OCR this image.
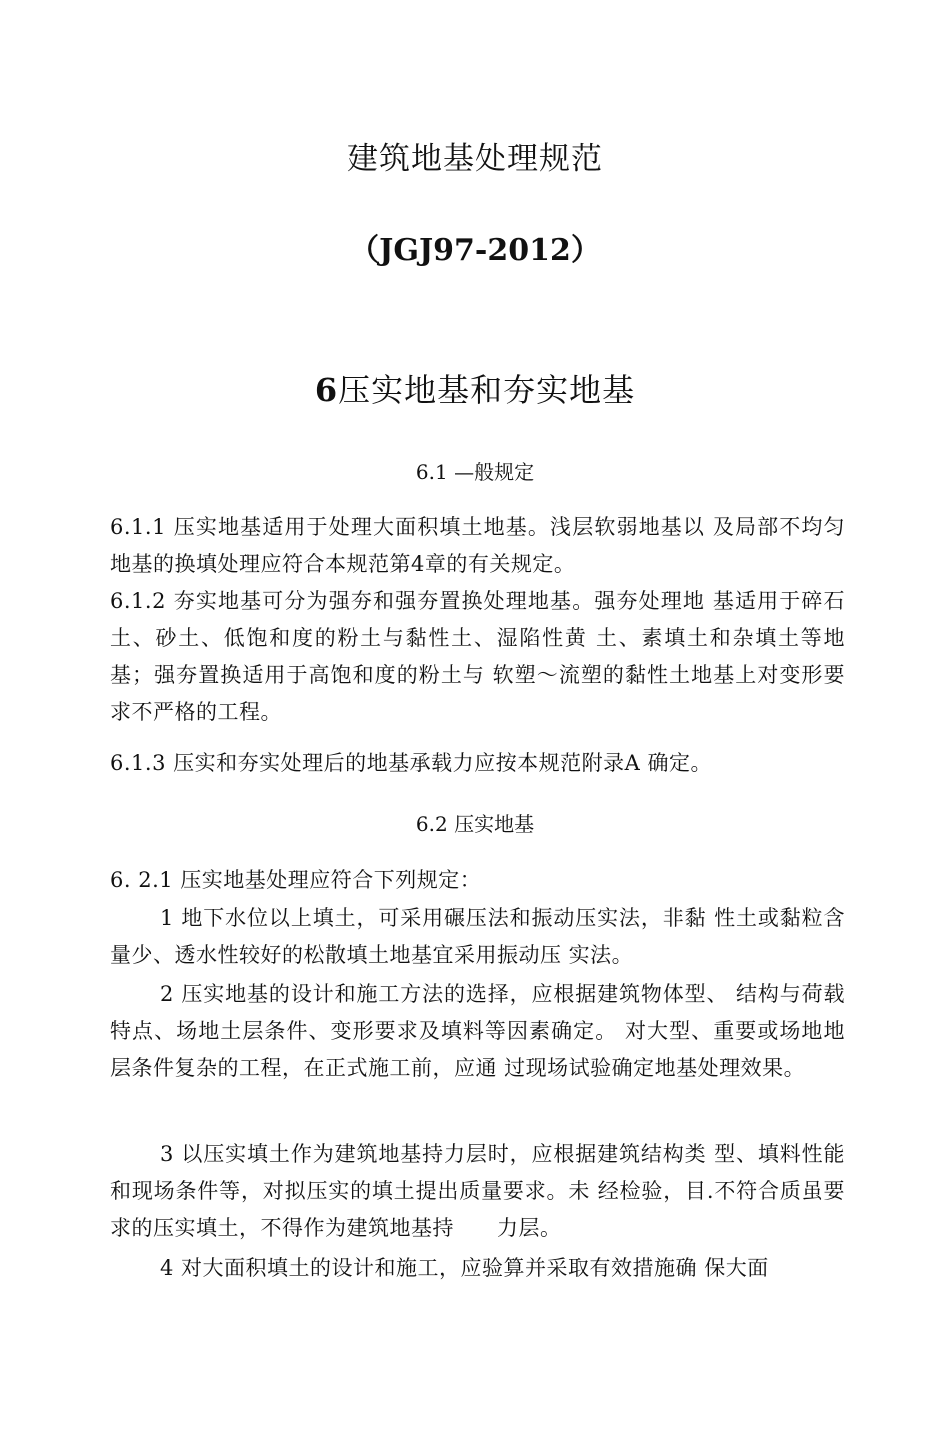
建筑地基处理规范
（JGJ97-2012）
6压实地基和夯实地基
6.1 —般规定
6.1.1 压实地基适用于处理大面积填土地基。浅层软弱地基以 及局部不均匀地基的换填处理应符合本规范第4章的有关规定。
6.1.2 夯实地基可分为强夯和强夯置换处理地基。强夯处理地 基适用于碎石土、砂土、低饱和度的粉土与黏性土、湿陷性黄 土、素填土和杂填土等地基；强夯置换适用于高饱和度的粉土与 软塑〜流塑的黏性土地基上对变形要求不严格的工程。
6.1.3 压实和夯实处理后的地基承载力应按本规范附录A 确定。
6.2 压实地基
6. 2.1 压实地基处理应符合下列规定：
1 地下水位以上填土，可采用碾压法和振动压实法，非黏 性土或黏粒含量少、透水性较好的松散填土地基宜采用振动压 实法。
2 压实地基的设计和施工方法的选择，应根据建筑物体型、 结构与荷载特点、场地土层条件、变形要求及填料等因素确定。 对大型、重要或场地地层条件复杂的工程，在正式施工前，应通 过现场试验确定地基处理效果。
3 以压实填土作为建筑地基持力层时，应根据建筑结构类 型、填料性能和现场条件等，对拟压实的填土提出质量要求。未 经检验，目.不符合质虽要求的压实填土，不得作为建筑地基持　　力层。
4 对大面积填土的设计和施工，应验算并采取有效措施确 保大面
